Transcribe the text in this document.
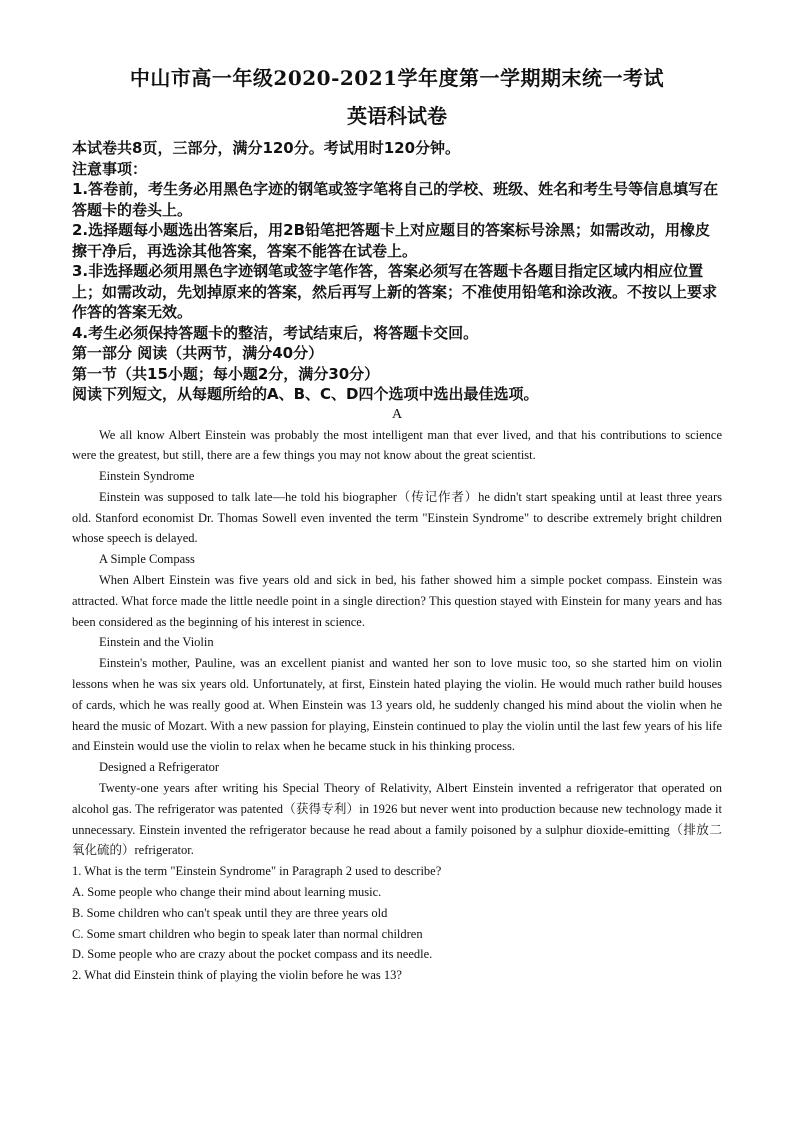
中山市高一年级2020-2021学年度第一学期期末统一考试
英语科试卷

本试卷共8页，三部分，满分120分。考试用时120分钟。

注意事项：

1.答卷前，考生务必用黑色字迹的钢笔或签字笔将自己的学校、班级、姓名和考生号等信息填写在答题卡的卷头上。

2.选择题每小题选出答案后，用2B铅笔把答题卡上对应题目的答案标号涂黑；如需改动，用橡皮擦干净后，再选涂其他答案，答案不能答在试卷上。

3.非选择题必须用黑色字迹钢笔或签字笔作答，答案必须写在答题卡各题目指定区域内相应位置上；如需改动，先划掉原来的答案，然后再写上新的答案；不准使用铅笔和涂改液。不按以上要求作答的答案无效。

4.考生必须保持答题卡的整洁，考试结束后，将答题卡交回。

第一部分 阅读（共两节，满分40分）

第一节（共15小题；每小题2分，满分30分）

阅读下列短文，从每题所给的A、B、C、D四个选项中选出最佳选项。

A

We all know Albert Einstein was probably the most intelligent man that ever lived, and that his contributions to science were the greatest, but still, there are a few things you may not know about the great scientist.

Einstein Syndrome

Einstein was supposed to talk late—he told his biographer（传记作者）he didn't start speaking until at least three years old. Stanford economist Dr. Thomas Sowell even invented the term "Einstein Syndrome" to describe extremely bright children whose speech is delayed.

A Simple Compass

When Albert Einstein was five years old and sick in bed, his father showed him a simple pocket compass. Einstein was attracted. What force made the little needle point in a single direction? This question stayed with Einstein for many years and has been considered as the beginning of his interest in science.

Einstein and the Violin

Einstein's mother, Pauline, was an excellent pianist and wanted her son to love music too, so she started him on violin lessons when he was six years old. Unfortunately, at first, Einstein hated playing the violin. He would much rather build houses of cards, which he was really good at. When Einstein was 13 years old, he suddenly changed his mind about the violin when he heard the music of Mozart. With a new passion for playing, Einstein continued to play the violin until the last few years of his life and Einstein would use the violin to relax when he became stuck in his thinking process.

Designed a Refrigerator

Twenty-one years after writing his Special Theory of Relativity, Albert Einstein invented a refrigerator that operated on alcohol gas. The refrigerator was patented（获得专利）in 1926 but never went into production because new technology made it unnecessary. Einstein invented the refrigerator because he read about a family poisoned by a sulphur dioxide-emitting（排放二氧化硫的）refrigerator.

1. What is the term "Einstein Syndrome" in Paragraph 2 used to describe?

A. Some people who change their mind about learning music.

B. Some children who can't speak until they are three years old

C. Some smart children who begin to speak later than normal children

D. Some people who are crazy about the pocket compass and its needle.

2. What did Einstein think of playing the violin before he was 13?
